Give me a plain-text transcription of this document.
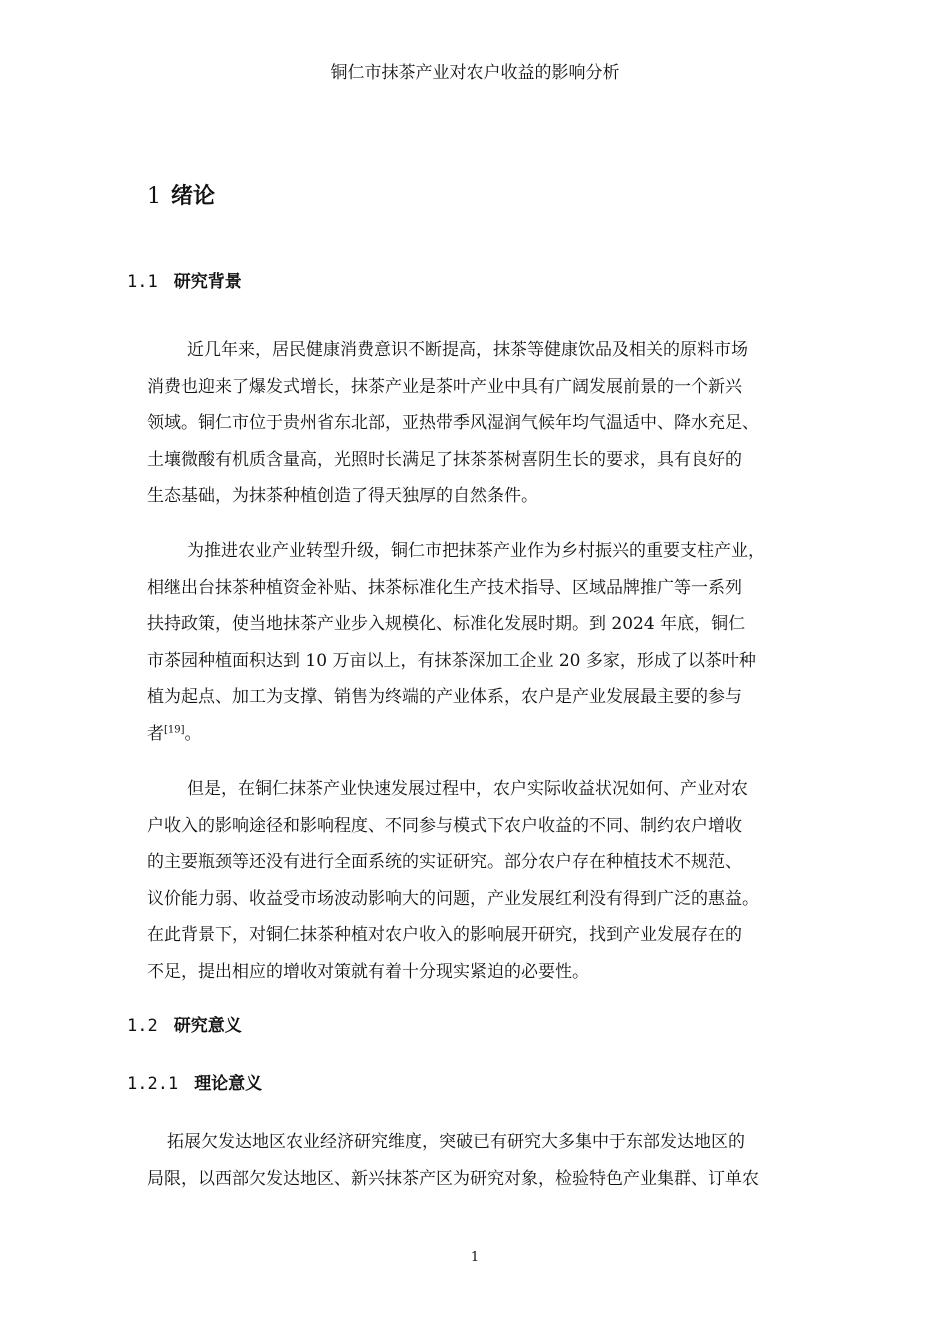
铜仁市抹茶产业对农户收益的影响分析
1 绪论
1.1 研究背景
近几年来，居民健康消费意识不断提高，抹茶等健康饮品及相关的原料市场
消费也迎来了爆发式增长，抹茶产业是茶叶产业中具有广阔发展前景的一个新兴
领域。铜仁市位于贵州省东北部，亚热带季风湿润气候年均气温适中、降水充足、
土壤微酸有机质含量高，光照时长满足了抹茶茶树喜阴生长的要求，具有良好的
生态基础，为抹茶种植创造了得天独厚的自然条件。
为推进农业产业转型升级，铜仁市把抹茶产业作为乡村振兴的重要支柱产业，
相继出台抹茶种植资金补贴、抹茶标准化生产技术指导、区域品牌推广等一系列
扶持政策，使当地抹茶产业步入规模化、标准化发展时期。到 2024 年底，铜仁
市茶园种植面积达到 10 万亩以上，有抹茶深加工企业 20 多家，形成了以茶叶种
植为起点、加工为支撑、销售为终端的产业体系，农户是产业发展最主要的参与
者[19]。
但是，在铜仁抹茶产业快速发展过程中，农户实际收益状况如何、产业对农
户收入的影响途径和影响程度、不同参与模式下农户收益的不同、制约农户增收
的主要瓶颈等还没有进行全面系统的实证研究。部分农户存在种植技术不规范、
议价能力弱、收益受市场波动影响大的问题，产业发展红利没有得到广泛的惠益。
在此背景下，对铜仁抹茶种植对农户收入的影响展开研究，找到产业发展存在的
不足，提出相应的增收对策就有着十分现实紧迫的必要性。
1.2 研究意义
1.2.1 理论意义
拓展欠发达地区农业经济研究维度，突破已有研究大多集中于东部发达地区的
局限，以西部欠发达地区、新兴抹茶产区为研究对象，检验特色产业集群、订单农
1
